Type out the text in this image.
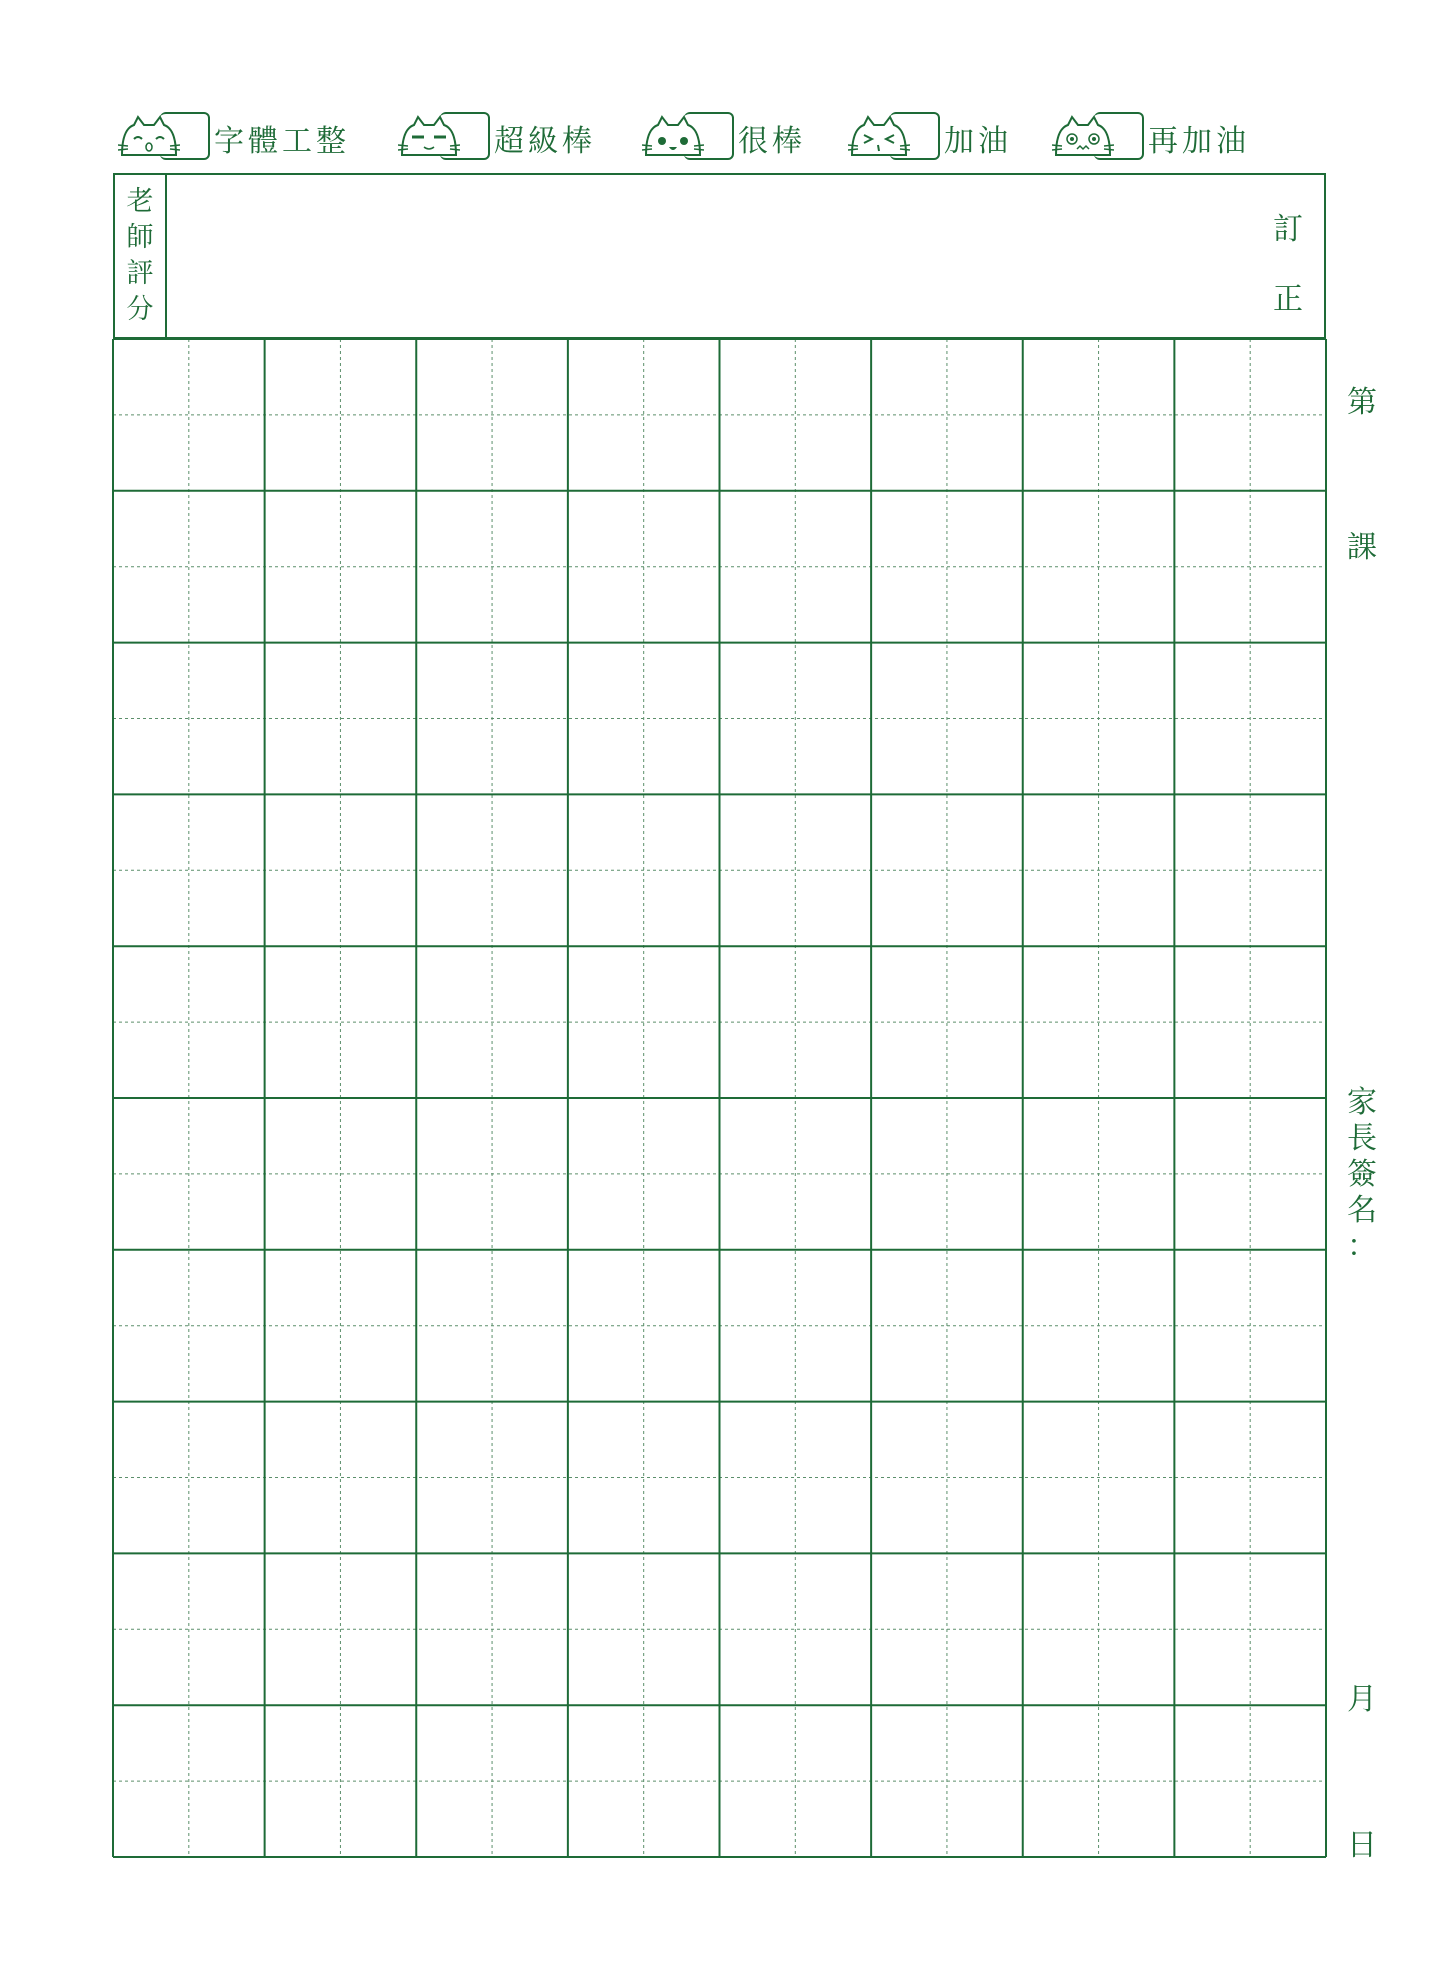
字體工整	超級棒	很棒	加油	再加油
老
師
評
分
訂
正
第
課
家
長
簽
名
：
月
日
